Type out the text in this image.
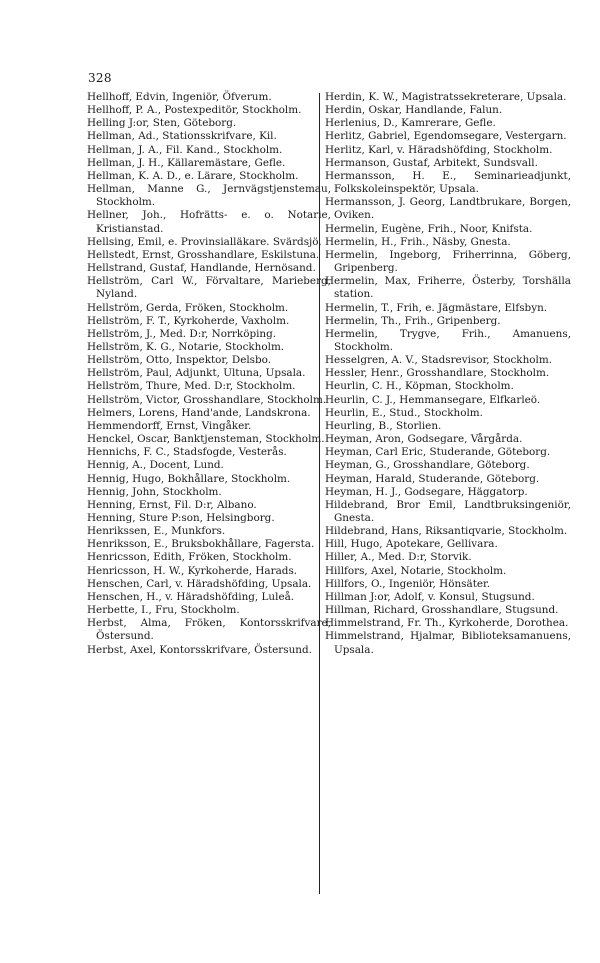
328

Hellhoff, Edvin, Ingeniör, Öfverum.

Hellhoff, P. A., Postexpeditör, Stockholm.

Helling J:or, Sten, Göteborg.

Hellman, Ad., Stationsskrifvare, Kil.

Hellman, J. A., Fil. Kand., Stockholm.

Hellman, J. H., Källaremästare, Gefle.

Hellman, K. A. D., e. Lärare, Stockholm.

Hellman, Manne G., Jernvägstjenstemau, Stockholm.

Hellner, Joh., Hofrätts- e. o. Notarie, Kristianstad.

Hellsing, Emil, e. Provinsialläkare. Svärdsjö.

Hellstedt, Ernst, Grosshandlare, Eskilstuna.

Hellstrand, Gustaf, Handlande, Hernösand.

Hellström, Carl W., Förvaltare, Marieberg, Nyland.

Hellström, Gerda, Fröken, Stockholm.

Hellström, F. T., Kyrkoherde, Vaxholm.

Hellström, J., Med. D:r, Norrköping.

Hellström, K. G., Notarie, Stockholm.

Hellström, Otto, Inspektor, Delsbo.

Hellström, Paul, Adjunkt, Ultuna, Upsala.

Hellström, Thure, Med. D:r, Stockholm.

Hellström, Victor, Grosshandlare, Stockholm.

Helmers, Lorens, Hand'ande, Landskrona.

Hemmendorff, Ernst, Vingåker.

Henckel, Oscar, Banktjensteman, Stockholm.

Hennichs, F. C., Stadsfogde, Vesterås.

Hennig, A., Docent, Lund.

Hennig, Hugo, Bokhållare, Stockholm.

Hennig, John, Stockholm.

Henning, Ernst, Fil. D:r, Albano.

Henning, Sture P:son, Helsingborg.

Henrikssen, E., Munkfors.

Henriksson, E., Bruksbokhållare, Fagersta.

Henricsson, Edith, Fröken, Stockholm.

Henricsson, H. W., Kyrkoherde, Harads.

Henschen, Carl, v. Häradshöfding, Upsala.

Henschen, H., v. Häradshöfding, Luleå.

Herbette, I., Fru, Stockholm.

Herbst, Alma, Fröken, Kontorsskrifvare, Östersund.

Herbst, Axel, Kontorsskrifvare, Östersund.

Herdin, K. W., Magistratssekreterare, Upsala.

Herdin, Oskar, Handlande, Falun.

Herlenius, D., Kamrerare, Gefle.

Herlitz, Gabriel, Egendomsegare, Vestergarn.

Herlitz, Karl, v. Häradshöfding, Stockholm.

Hermanson, Gustaf, Arbitekt, Sundsvall.

Hermansson, H. E., Seminarieadjunkt, Folkskoleinspektör, Upsala.

Hermansson, J. Georg, Landtbrukare, Borgen, Oviken.

Hermelin, Eugène, Frih., Noor, Knifsta.

Hermelin, H., Frih., Näsby, Gnesta.

Hermelin, Ingeborg, Friherrinna, Göberg, Gripenberg.

Hermelin, Max, Friherre, Österby, Torshälla station.

Hermelin, T., Frih, e. Jägmästare, Elfsbyn.

Hermelin, Th., Frih., Gripenberg.

Hermelin, Trygve, Frih., Amanuens, Stockholm.

Hesselgren, A. V., Stadsrevisor, Stockholm.

Hessler, Henr., Grosshandlare, Stockholm.

Heurlin, C. H., Köpman, Stockholm.

Heurlin, C. J., Hemmansegare, Elfkarleö.

Heurlin, E., Stud., Stockholm.

Heurling, B., Storlien.

Heyman, Aron, Godsegare, Vårgårda.

Heyman, Carl Eric, Studerande, Göteborg.

Heyman, G., Grosshandlare, Göteborg.

Heyman, Harald, Studerande, Göteborg.

Heyman, H. J., Godsegare, Häggatorp.

Hildebrand, Bror Emil, Landtbruksingeniör, Gnesta.

Hildebrand, Hans, Riksantiqvarie, Stockholm.

Hill, Hugo, Apotekare, Gellivara.

Hiller, A., Med. D:r, Storvik.

Hillfors, Axel, Notarie, Stockholm.

Hillfors, O., Ingeniör, Hönsäter.

Hillman J:or, Adolf, v. Konsul, Stugsund.

Hillman, Richard, Grosshandlare, Stugsund.

Himmelstrand, Fr. Th., Kyrkoherde, Dorothea.

Himmelstrand, Hjalmar, Biblioteksamanuens, Upsala.
